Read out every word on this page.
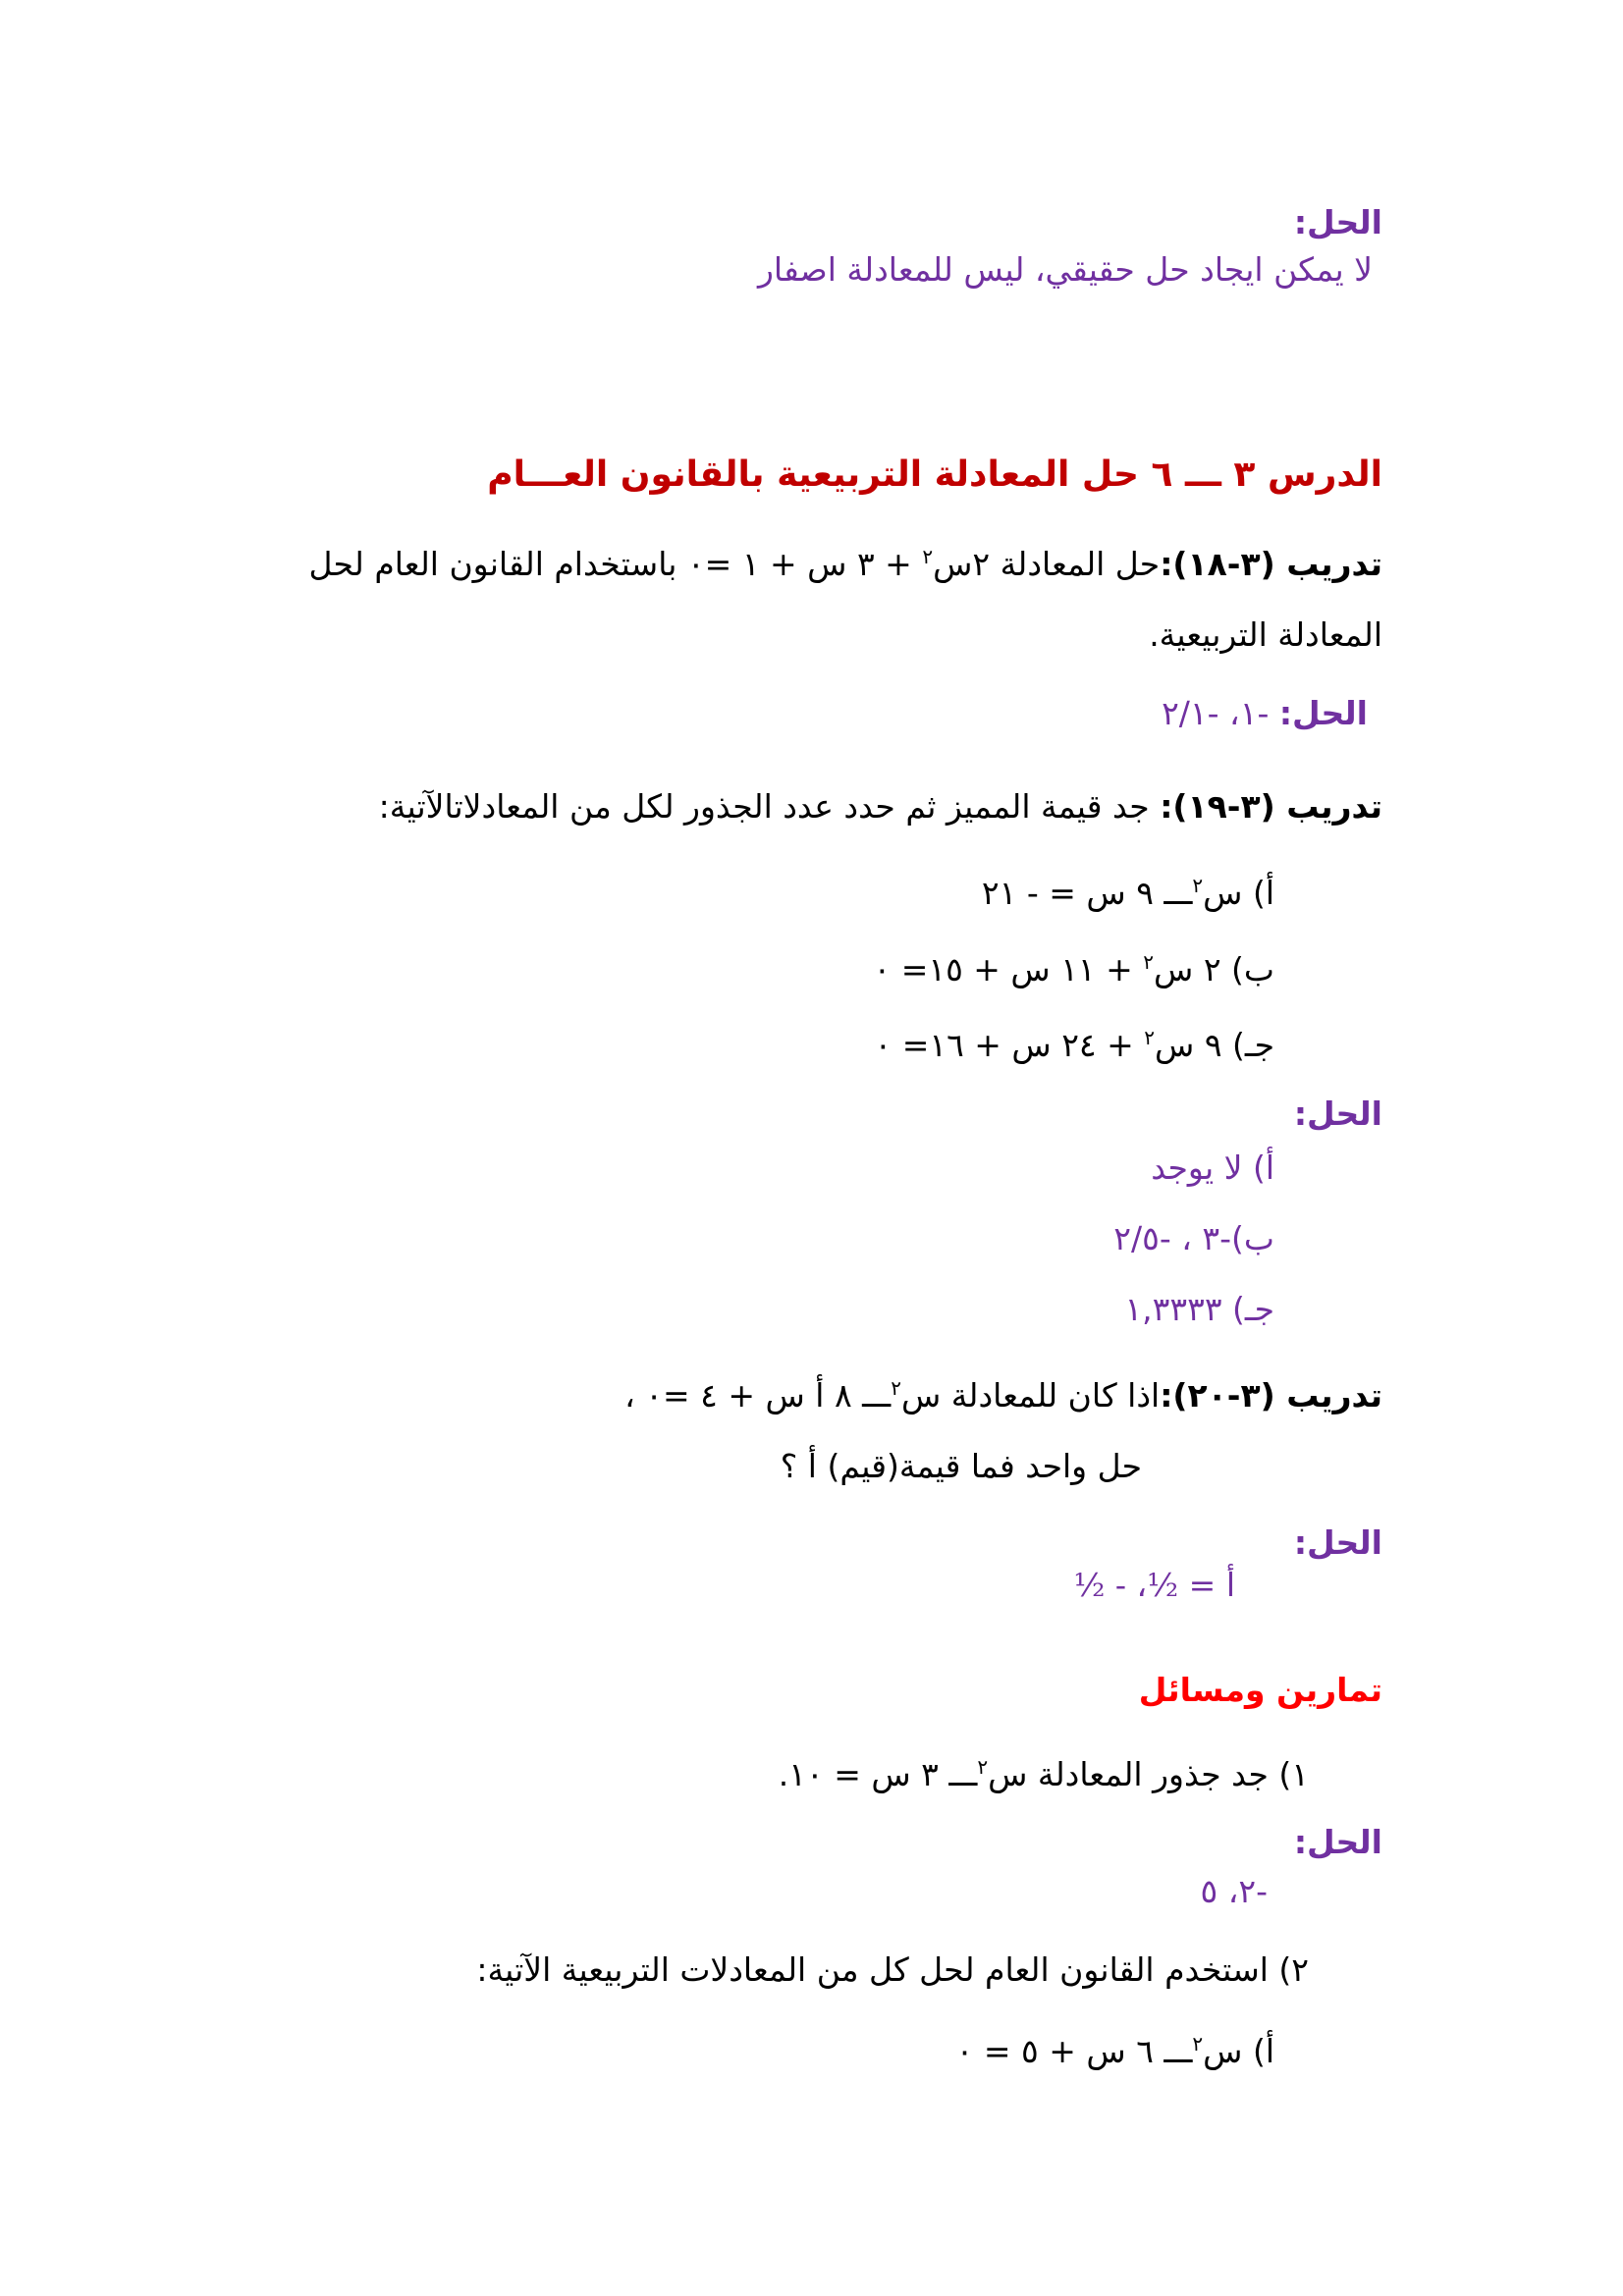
الحل:
لا يمكن ايجاد حل حقيقي، ليس للمعادلة اصفار
الدرس ٣ ـــ ٦ حل المعادلة التربيعية بالقانون العـــام
تدريب (٣-١٨):حل المعادلة ٢س$^٢$ + ٣ س + ١ =٠ باستخدام القانون العام لحل
المعادلة التربيعية.
الحل: -١، -٢/١
تدريب (٣-١٩): جد قيمة المميز ثم حدد عدد الجذور لكل من المعادلاتالآتية:
أ) س$^٢$ـــ ٩ س = - ٢١
ب) ٢ س$^٢$ + ١١ س + ١٥= ٠
جـ) ٩ س$^٢$ + ٢٤ س + ١٦= ٠
الحل:
أ) لا يوجد
ب)-٣ ، -٢/٥
جـ) ١,٣٣٣٣
تدريب (٣-٢٠):اذا كان للمعادلة س$^٢$ـــ ٨ أ س + ٤ =٠ ،
حل واحد فما قيمة(قيم) أ ؟
الحل:
أ = ½، - ½
تمارين ومسائل
١) جد جذور المعادلة س$^٢$ـــ ٣ س = ١٠.
الحل:
-٢، ٥
٢) استخدم القانون العام لحل كل من المعادلات التربيعية الآتية:
أ) س$^٢$ـــ ٦ س + ٥ = ٠
